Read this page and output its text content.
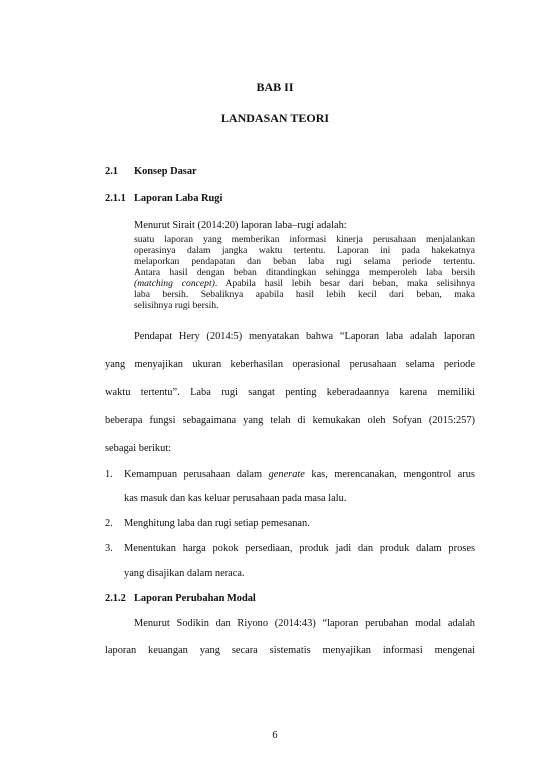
BAB II
LANDASAN TEORI
2.1 Konsep Dasar
2.1.1 Laporan Laba Rugi
Menurut Sirait (2014:20) laporan laba–rugi adalah:
suatu laporan yang memberikan informasi kinerja perusahaan menjalankan
operasinya dalam jangka waktu tertentu. Laporan ini pada hakekatnya
melaporkan pendapatan dan beban laba rugi selama periode tertentu.
Antara hasil dengan beban ditandingkan sehingga memperoleh laba bersih
(matching concept). Apabila hasil lebih besar dari beban, maka selisihnya
laba bersih. Sebaliknya apabila hasil lebih kecil dari beban, maka
selisihnya rugi bersih.
Pendapat Hery (2014:5) menyatakan bahwa “Laporan laba adalah laporan
yang menyajikan ukuran keberhasilan operasional perusahaan selama periode
waktu tertentu”. Laba rugi sangat penting keberadaannya karena memiliki
beberapa fungsi sebagaimana yang telah di kemukakan oleh Sofyan (2015:257)
sebagai berikut:
1. Kemampuan perusahaan dalam generate kas, merencanakan, mengontrol arus
kas masuk dan kas keluar perusahaan pada masa lalu.
2. Menghitung laba dan rugi setiap pemesanan.
3. Menentukan harga pokok persediaan, produk jadi dan produk dalam proses
yang disajikan dalam neraca.
2.1.2 Laporan Perubahan Modal
Menurut Sodikin dan Riyono (2014:43) “laporan perubahan modal adalah
laporan keuangan yang secara sistematis menyajikan informasi mengenai
6
